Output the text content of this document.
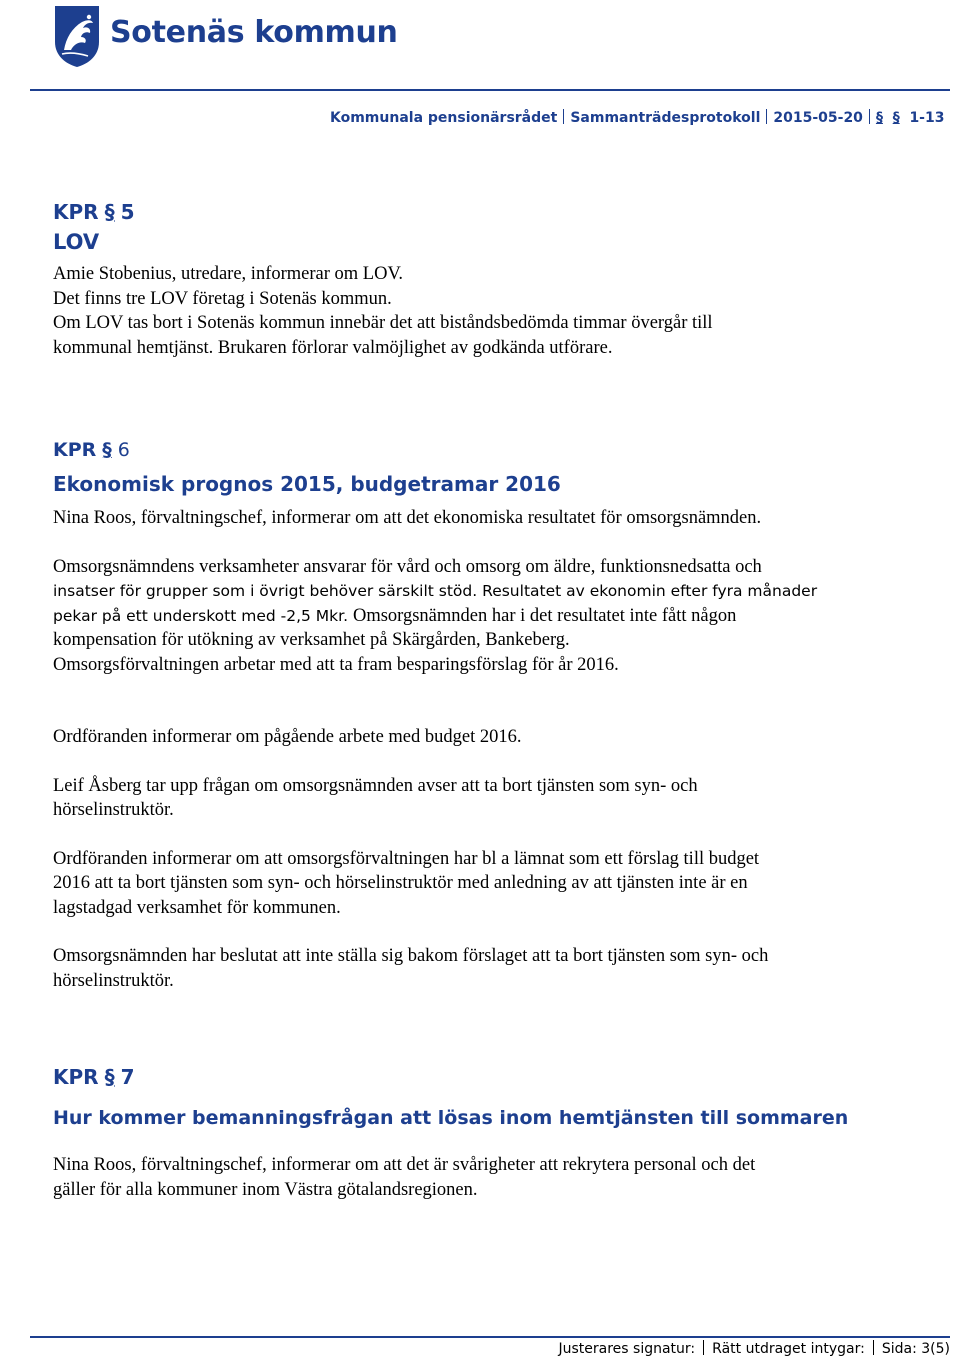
Sotenäs kommun
Kommunala pensionärsrådet Sammanträdesprotokoll 2015-05-20 § § 1-13
KPR § 5
LOV
Amie Stobenius, utredare, informerar om LOV.
Det finns tre LOV företag i Sotenäs kommun.
Om LOV tas bort i Sotenäs kommun innebär det att biståndsbedömda timmar övergår till
kommunal hemtjänst. Brukaren förlorar valmöjlighet av godkända utförare.
KPR § 6
Ekonomisk prognos 2015, budgetramar 2016
Nina Roos, förvaltningschef, informerar om att det ekonomiska resultatet för omsorgsnämnden.
Omsorgsnämndens verksamheter ansvarar för vård och omsorg om äldre, funktionsnedsatta och
insatser för grupper som i övrigt behöver särskilt stöd. Resultatet av ekonomin efter fyra månader
pekar på ett underskott med -2,5 Mkr. Omsorgsnämnden har i det resultatet inte fått någon
kompensation för utökning av verksamhet på Skärgården, Bankeberg.
Omsorgsförvaltningen arbetar med att ta fram besparingsförslag för år 2016.
Ordföranden informerar om pågående arbete med budget 2016.
Leif Åsberg tar upp frågan om omsorgsnämnden avser att ta bort tjänsten som syn- och
hörselinstruktör.
Ordföranden informerar om att omsorgsförvaltningen har bl a lämnat som ett förslag till budget
2016 att ta bort tjänsten som syn- och hörselinstruktör med anledning av att tjänsten inte är en
lagstadgad verksamhet för kommunen.
Omsorgsnämnden har beslutat att inte ställa sig bakom förslaget att ta bort tjänsten som syn- och
hörselinstruktör.
KPR § 7
Hur kommer bemanningsfrågan att lösas inom hemtjänsten till sommaren
Nina Roos, förvaltningschef, informerar om att det är svårigheter att rekrytera personal och det
gäller för alla kommuner inom Västra götalandsregionen.
Justerares signatur: Rätt utdraget intygar: Sida: 3(5)
